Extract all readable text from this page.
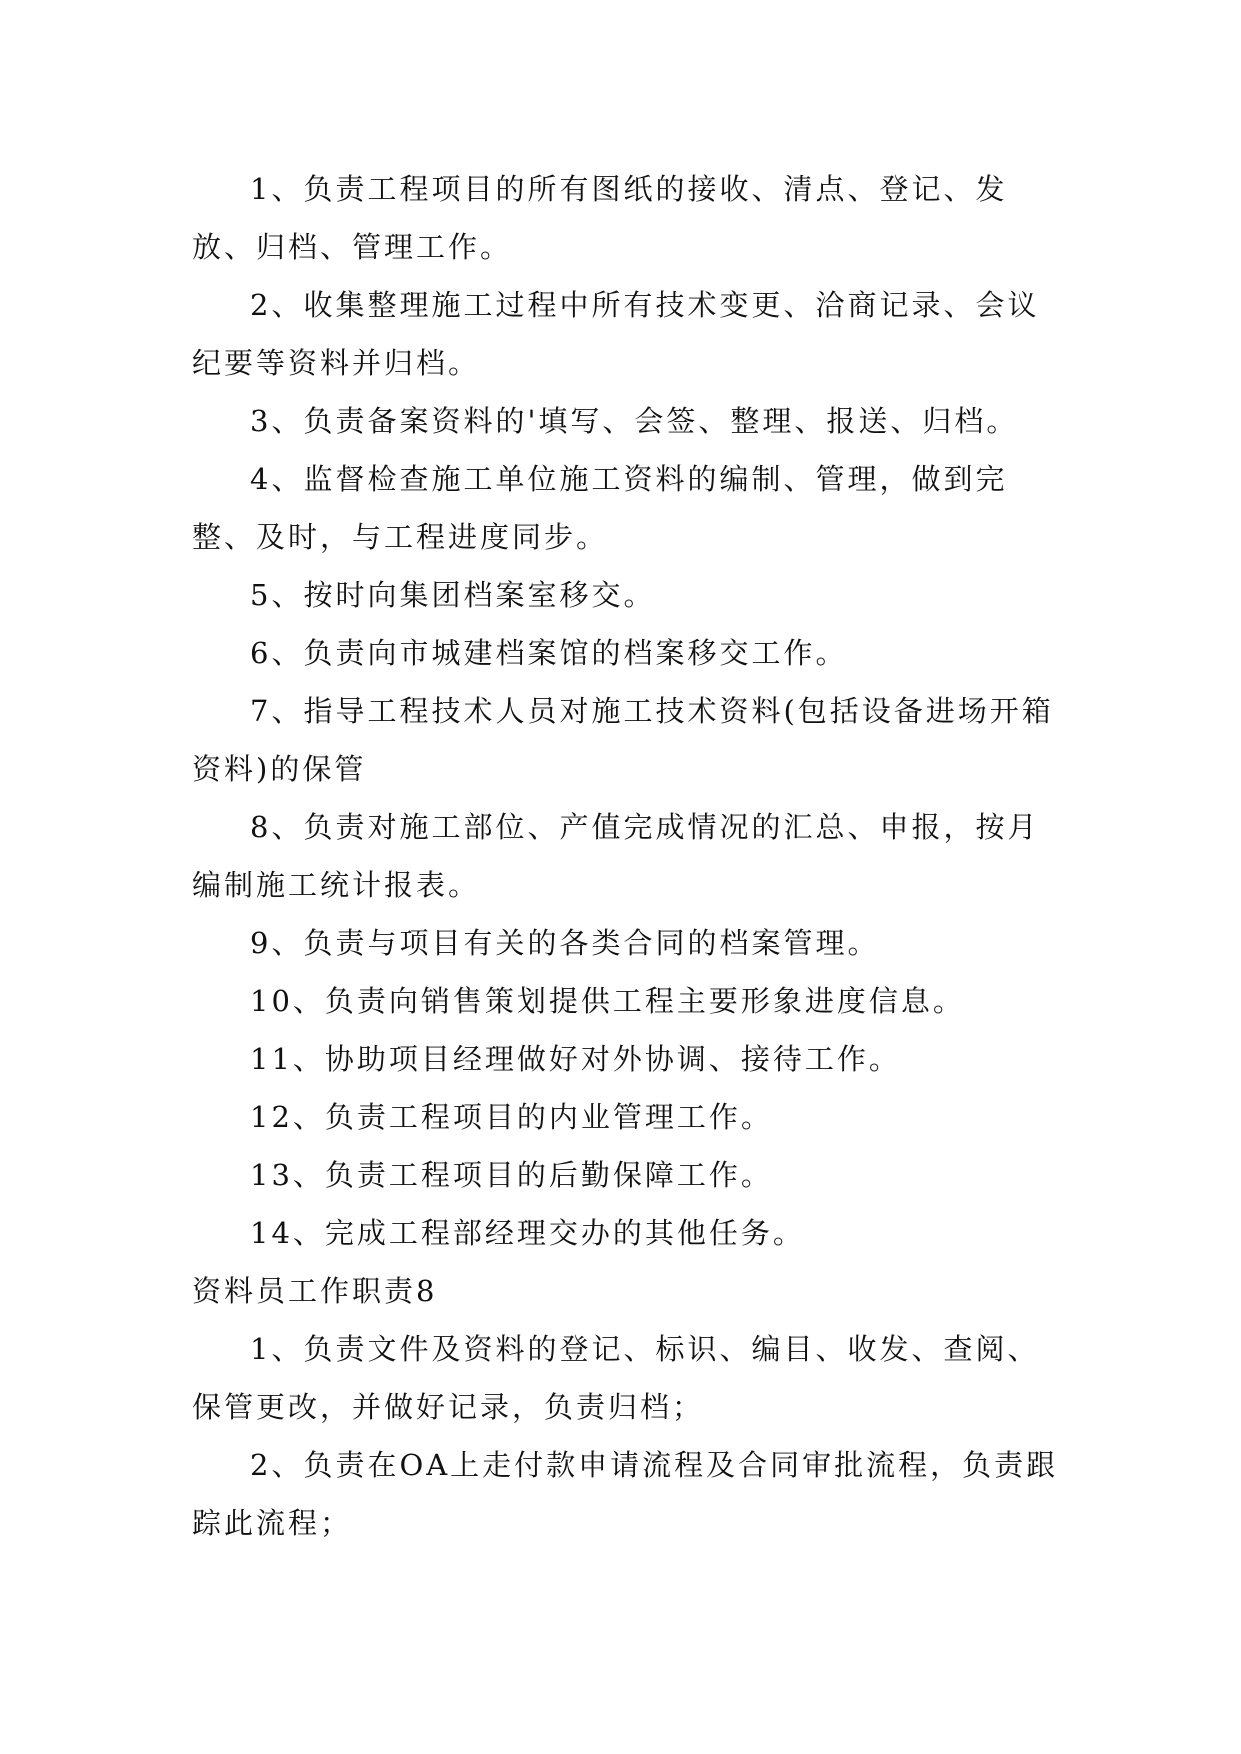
1、负责工程项目的所有图纸的接收、清点、登记、发放、归档、管理工作。

2、收集整理施工过程中所有技术变更、洽商记录、会议纪要等资料并归档。

3、负责备案资料的'填写、会签、整理、报送、归档。

4、监督检查施工单位施工资料的编制、管理，做到完整、及时，与工程进度同步。

5、按时向集团档案室移交。

6、负责向市城建档案馆的档案移交工作。

7、指导工程技术人员对施工技术资料(包括设备进场开箱资料)的保管

8、负责对施工部位、产值完成情况的汇总、申报，按月编制施工统计报表。

9、负责与项目有关的各类合同的档案管理。

10、负责向销售策划提供工程主要形象进度信息。

11、协助项目经理做好对外协调、接待工作。

12、负责工程项目的内业管理工作。

13、负责工程项目的后勤保障工作。

14、完成工程部经理交办的其他任务。

资料员工作职责8

1、负责文件及资料的登记、标识、编目、收发、查阅、保管更改，并做好记录，负责归档；

2、负责在OA上走付款申请流程及合同审批流程，负责跟踪此流程；
